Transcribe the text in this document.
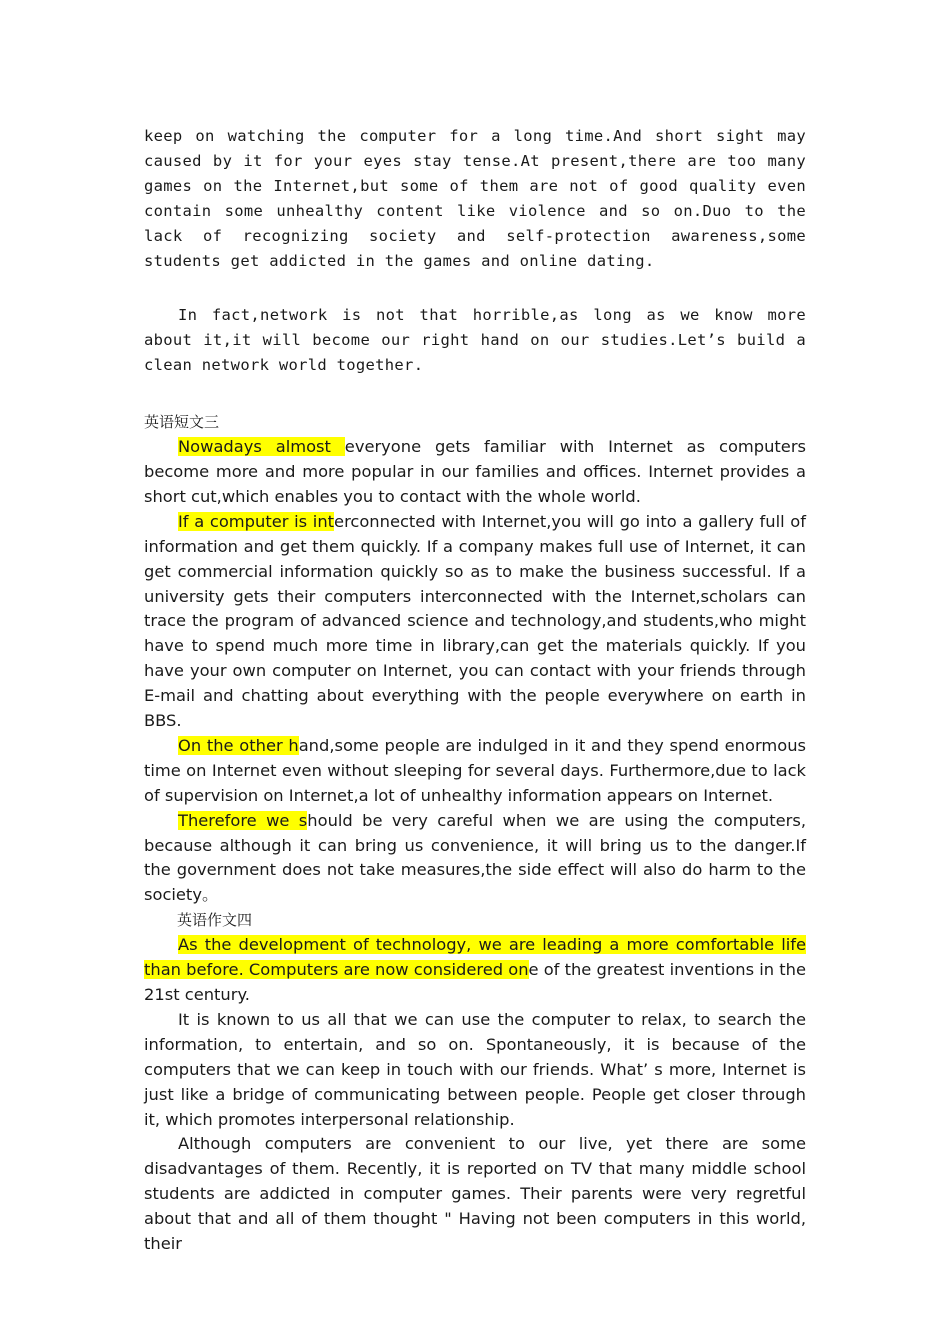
keep on watching the computer for a long time.And short sight may caused by it for your eyes stay tense.At present,there are too many games on the Internet,but some of them are not of good quality even contain some unhealthy content like violence and so on.Duo to the lack of recognizing society and self-protection awareness,some students get addicted in the games and online dating.

In fact,network is not that horrible,as long as we know more about it,it will become our right hand on our studies.Let’s build a clean network world together.

英语短文三

Nowadays almost everyone gets familiar with Internet as computers become more and more popular in our families and offices. Internet provides a short cut,which enables you to contact with the whole world.

If a computer is interconnected with Internet,you will go into a gallery full of information and get them quickly. If a company makes full use of Internet, it can get commercial information quickly so as to make the business successful. If a university gets their computers interconnected with the Internet,scholars can trace the program of advanced science and technology,and students,who might have to spend much more time in library,can get the materials quickly. If you have your own computer on Internet, you can contact with your friends through E-mail and chatting about everything with the people everywhere on earth in BBS.

On the other hand,some people are indulged in it and they spend enormous time on Internet even without sleeping for several days. Furthermore,due to lack of supervision on Internet,a lot of unhealthy information appears on Internet.

Therefore we should be very careful when we are using the computers, because although it can bring us convenience, it will bring us to the danger.If the government does not take measures,the side effect will also do harm to the society。

英语作文四

As the development of technology, we are leading a more comfortable life than before. Computers are now considered one of the greatest inventions in the 21st century.

It is known to us all that we can use the computer to relax, to search the information, to entertain, and so on. Spontaneously, it is because of the computers that we can keep in touch with our friends. What’ s more, Internet is just like a bridge of communicating between people. People get closer through it, which promotes interpersonal relationship.

Although computers are convenient to our live, yet there are some disadvantages of them. Recently, it is reported on TV that many middle school students are addicted in computer games. Their parents were very regretful about that and all of them thought " Having not been computers in this world, their
